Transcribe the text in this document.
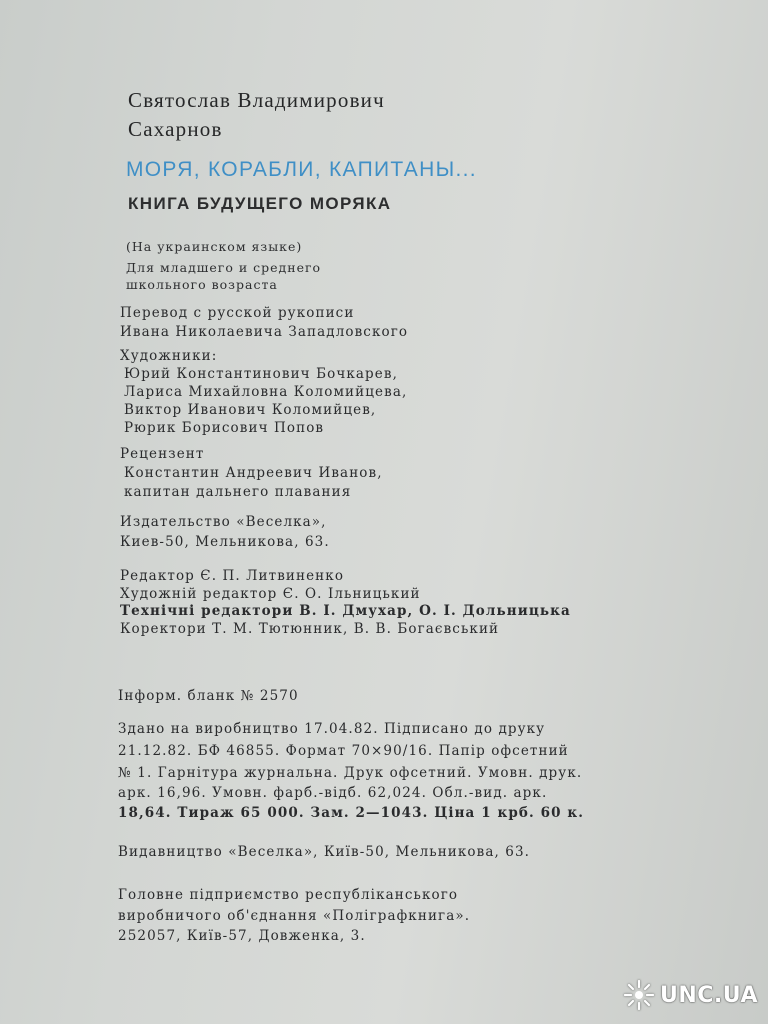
Святослав Владимирович
Сахарнов
МОРЯ, КОРАБЛИ, КАПИТАНЫ...
КНИГА БУДУЩЕГО МОРЯКА
(На украинском языке)
Для младшего и среднего
школьного возраста
Перевод с русской рукописи
Ивана Николаевича Западловского
Художники:
Юрий Константинович Бочкарев,
Лариса Михайловна Коломийцева,
Виктор Иванович Коломийцев,
Рюрик Борисович Попов
Рецензент
Константин Андреевич Иванов,
капитан дальнего плавания
Издательство «Веселка»,
Киев-50, Мельникова, 63.
Редактор Є. П. Литвиненко
Художній редактор Є. О. Ільницький
Технічні редактори В. І. Дмухар, О. І. Дольницька
Коректори Т. М. Тютюнник, В. В. Богаєвський
Інформ. бланк № 2570
Здано на виробництво 17.04.82. Підписано до друку
21.12.82. БФ 46855. Формат 70×90/16. Папір офсетний
№ 1. Гарнітура журнальна. Друк офсетний. Умовн. друк.
арк. 16,96. Умовн. фарб.-відб. 62,024. Обл.-вид. арк.
18,64. Тираж 65 000. Зам. 2—1043. Ціна 1 крб. 60 к.
Видавництво «Веселка», Київ-50, Мельникова, 63.
Головне підприємство республіканського
виробничого об'єднання «Поліграфкнига».
252057, Київ-57, Довженка, 3.
UNC.UA
